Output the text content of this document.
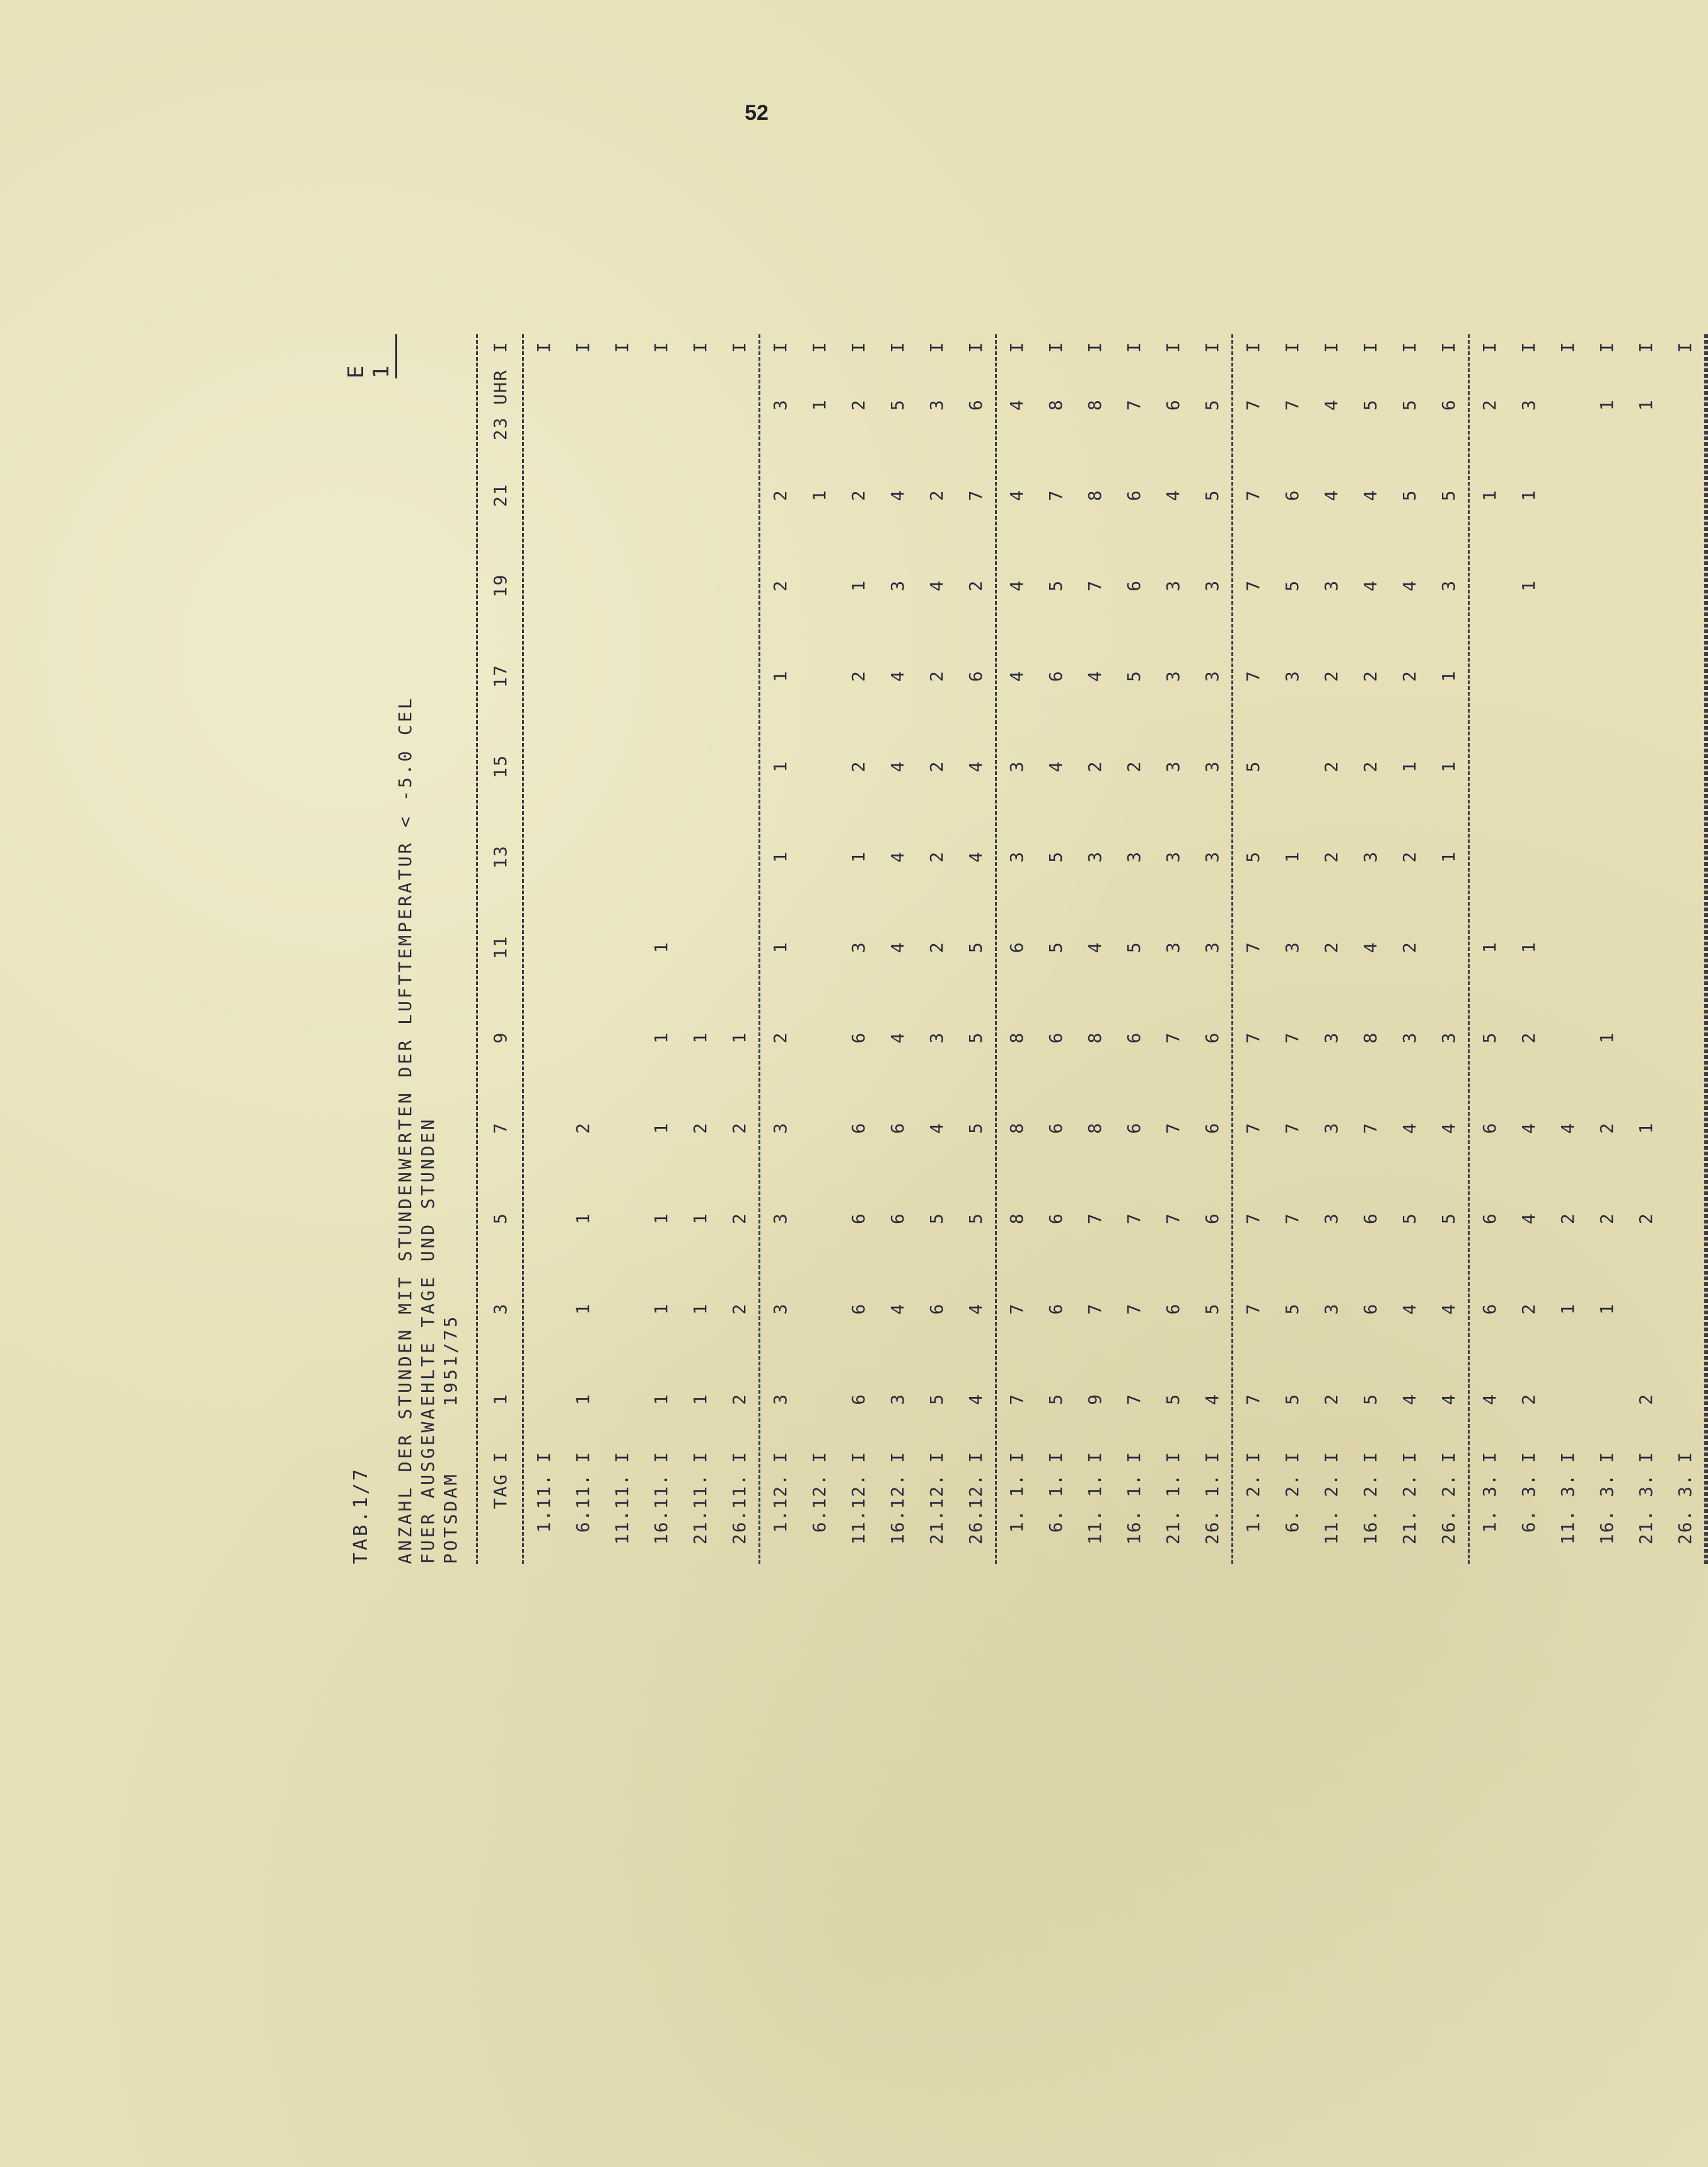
52
E 1
TAB.1/7 ANZAHL DER STUNDEN MIT STUNDENWERTEN DER LUFTTEMPERATUR < -5.0 CEL FUER AUSGEWAEHLTE TAGE UND STUNDEN POTSDAM     1951/75 TAG
I
1
3
5
7
9
11
13
15
17
19
21
23 UHR
I
1.11.
I
I
6.11.
I
1
1
1
2
I
11.11.
I
I
16.11.
I
1
1
1
1
1
1
I
21.11.
I
1
1
1
2
1
I
26.11.
I
2
2
2
2
1
I
1.12.
I
3
3
3
3
2
1
1
1
1
2
2
3
I
6.12.
I
1
1
I
11.12.
I
6
6
6
6
6
3
1
2
2
1
2
2
I
16.12.
I
3
4
6
6
4
4
4
4
4
3
4
5
I
21.12.
I
5
6
5
4
3
2
2
2
2
4
2
3
I
26.12.
I
4
4
5
5
5
5
4
4
6
2
7
6
I
1. 1.
I
7
7
8
8
8
6
3
3
4
4
4
4
I
6. 1.
I
5
6
6
6
6
5
5
4
6
5
7
8
I
11. 1.
I
9
7
7
8
8
4
3
2
4
7
8
8
I
16. 1.
I
7
7
7
6
6
5
3
2
5
6
6
7
I
21. 1.
I
5
6
7
7
7
3
3
3
3
3
4
6
I
26. 1.
I
4
5
6
6
6
3
3
3
3
3
5
5
I
1. 2.
I
7
7
7
7
7
7
5
5
7
7
7
7
I
6. 2.
I
5
5
7
7
7
3
1
3
5
6
7
I
11. 2.
I
2
3
3
3
3
2
2
2
2
3
4
4
I
16. 2.
I
5
6
6
7
8
4
3
2
2
4
4
5
I
21. 2.
I
4
4
5
4
3
2
2
1
2
4
5
5
I
26. 2.
I
4
4
5
4
3
1
1
1
3
5
6
I
1. 3.
I
4
6
6
6
5
1
1
2
I
6. 3.
I
2
2
4
4
2
1
1
1
3
I
11. 3.
I
1
2
4
I
16. 3.
I
1
2
2
1
1
I
21. 3.
I
2
2
1
1
I
26. 3.
I
I
